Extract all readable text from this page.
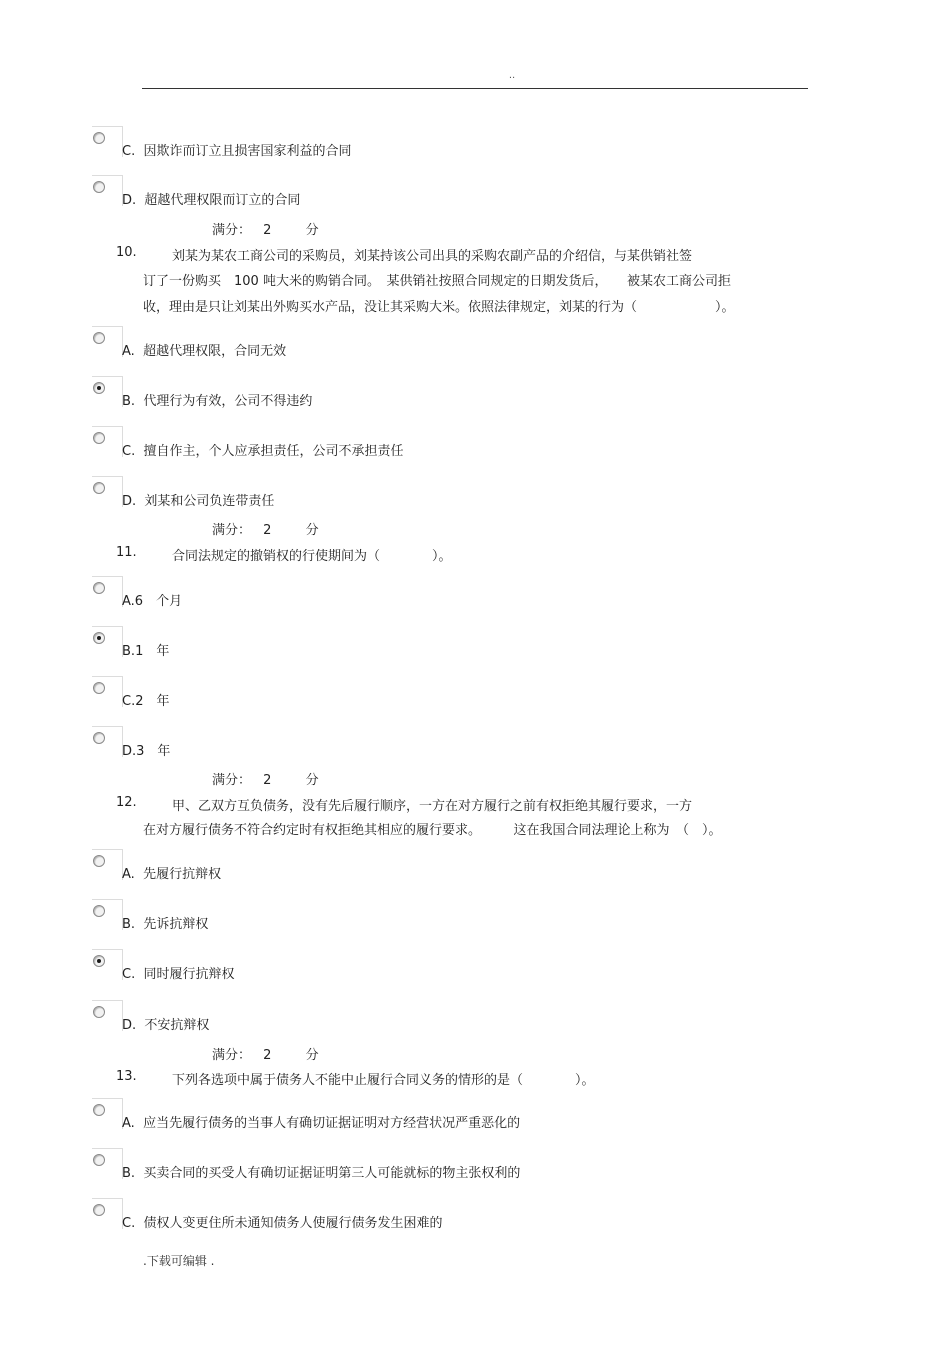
..
C. 因欺诈而订立且损害国家利益的合同
D. 超越代理权限而订立的合同
满分： 2	分
10.	刘某为某农工商公司的采购员，刘某持该公司出具的采购农副产品的介绍信，与某供销社签
订了一份购买　100 吨大米的购销合同。　某供销社按照合同规定的日期发货后，　　被某农工商公司拒
收，理由是只让刘某出外购买水产品，没让其采购大米。依照法律规定，刘某的行为（　　　　　　）。
A. 超越代理权限，合同无效
B. 代理行为有效，公司不得违约
C. 擅自作主，个人应承担责任，公司不承担责任
D. 刘某和公司负连带责任
满分： 2	分
11.	合同法规定的撤销权的行使期间为（　　　　）。
A.6　个月
B.1　年
C.2　年
D.3　年
满分： 2	分
12.	甲、乙双方互负债务，没有先后履行顺序，一方在对方履行之前有权拒绝其履行要求，一方
在对方履行债务不符合约定时有权拒绝其相应的履行要求。　　　这在我国合同法理论上称为　（　）。
A. 先履行抗辩权
B. 先诉抗辩权
C. 同时履行抗辩权
D. 不安抗辩权
满分： 2	分
13.	下列各选项中属于债务人不能中止履行合同义务的情形的是（　　　　）。
A. 应当先履行债务的当事人有确切证据证明对方经营状况严重恶化的
B. 买卖合同的买受人有确切证据证明第三人可能就标的物主张权利的
C. 债权人变更住所未通知债务人使履行债务发生困难的
.下载可编辑 .
